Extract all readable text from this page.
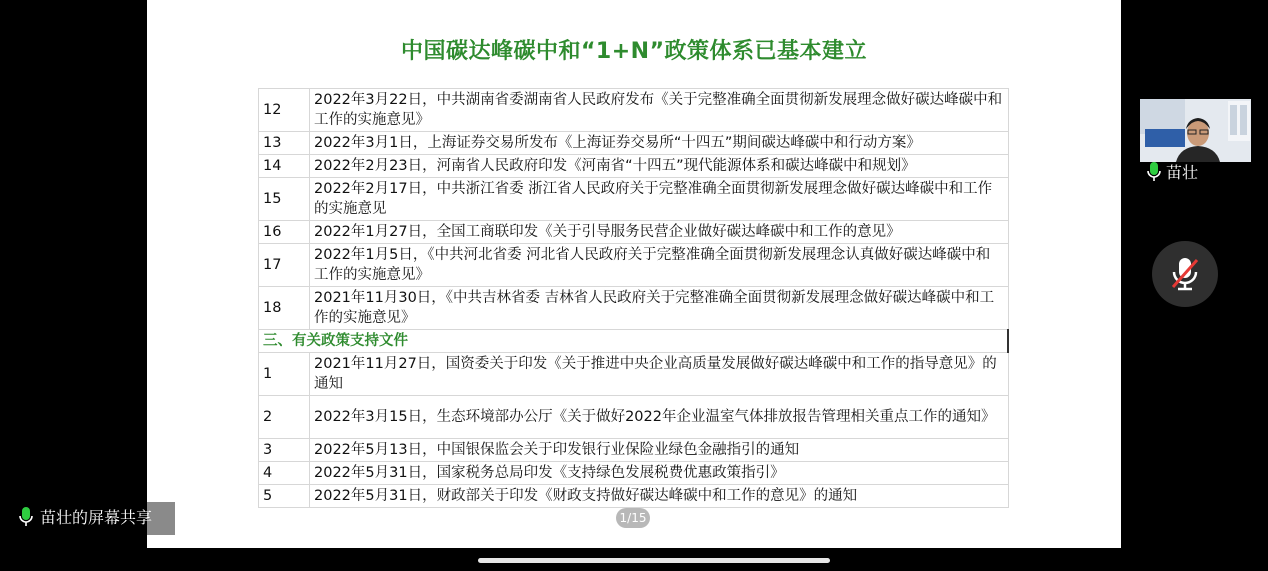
中国碳达峰碳中和“1+N”政策体系已基本建立
12	2022年3月22日，中共湖南省委湖南省人民政府发布《关于完整准确全面贯彻新发展理念做好碳达峰碳中和工作的实施意见》
13	2022年3月1日，上海证券交易所发布《上海证券交易所“十四五”期间碳达峰碳中和行动方案》
14	2022年2月23日，河南省人民政府印发《河南省“十四五”现代能源体系和碳达峰碳中和规划》
15	2022年2月17日，中共浙江省委 浙江省人民政府关于完整准确全面贯彻新发展理念做好碳达峰碳中和工作的实施意见
16	2022年1月27日，全国工商联印发《关于引导服务民营企业做好碳达峰碳中和工作的意见》
17	2022年1月5日，《中共河北省委 河北省人民政府关于完整准确全面贯彻新发展理念认真做好碳达峰碳中和工作的实施意见》
18	2021年11月30日，《中共吉林省委 吉林省人民政府关于完整准确全面贯彻新发展理念做好碳达峰碳中和工作的实施意见》
三、有关政策支持文件	
1	2021年11月27日，国资委关于印发《关于推进中央企业高质量发展做好碳达峰碳中和工作的指导意见》的通知
2	2022年3月15日，生态环境部办公厅《关于做好2022年企业温室气体排放报告管理相关重点工作的通知》
3	2022年5月13日，中国银保监会关于印发银行业保险业绿色金融指引的通知
4	2022年5月31日，国家税务总局印发《支持绿色发展税费优惠政策指引》
5	2022年5月31日，财政部关于印发《财政支持做好碳达峰碳中和工作的意见》的通知
1/15
苗壮的屏幕共享
苗壮
